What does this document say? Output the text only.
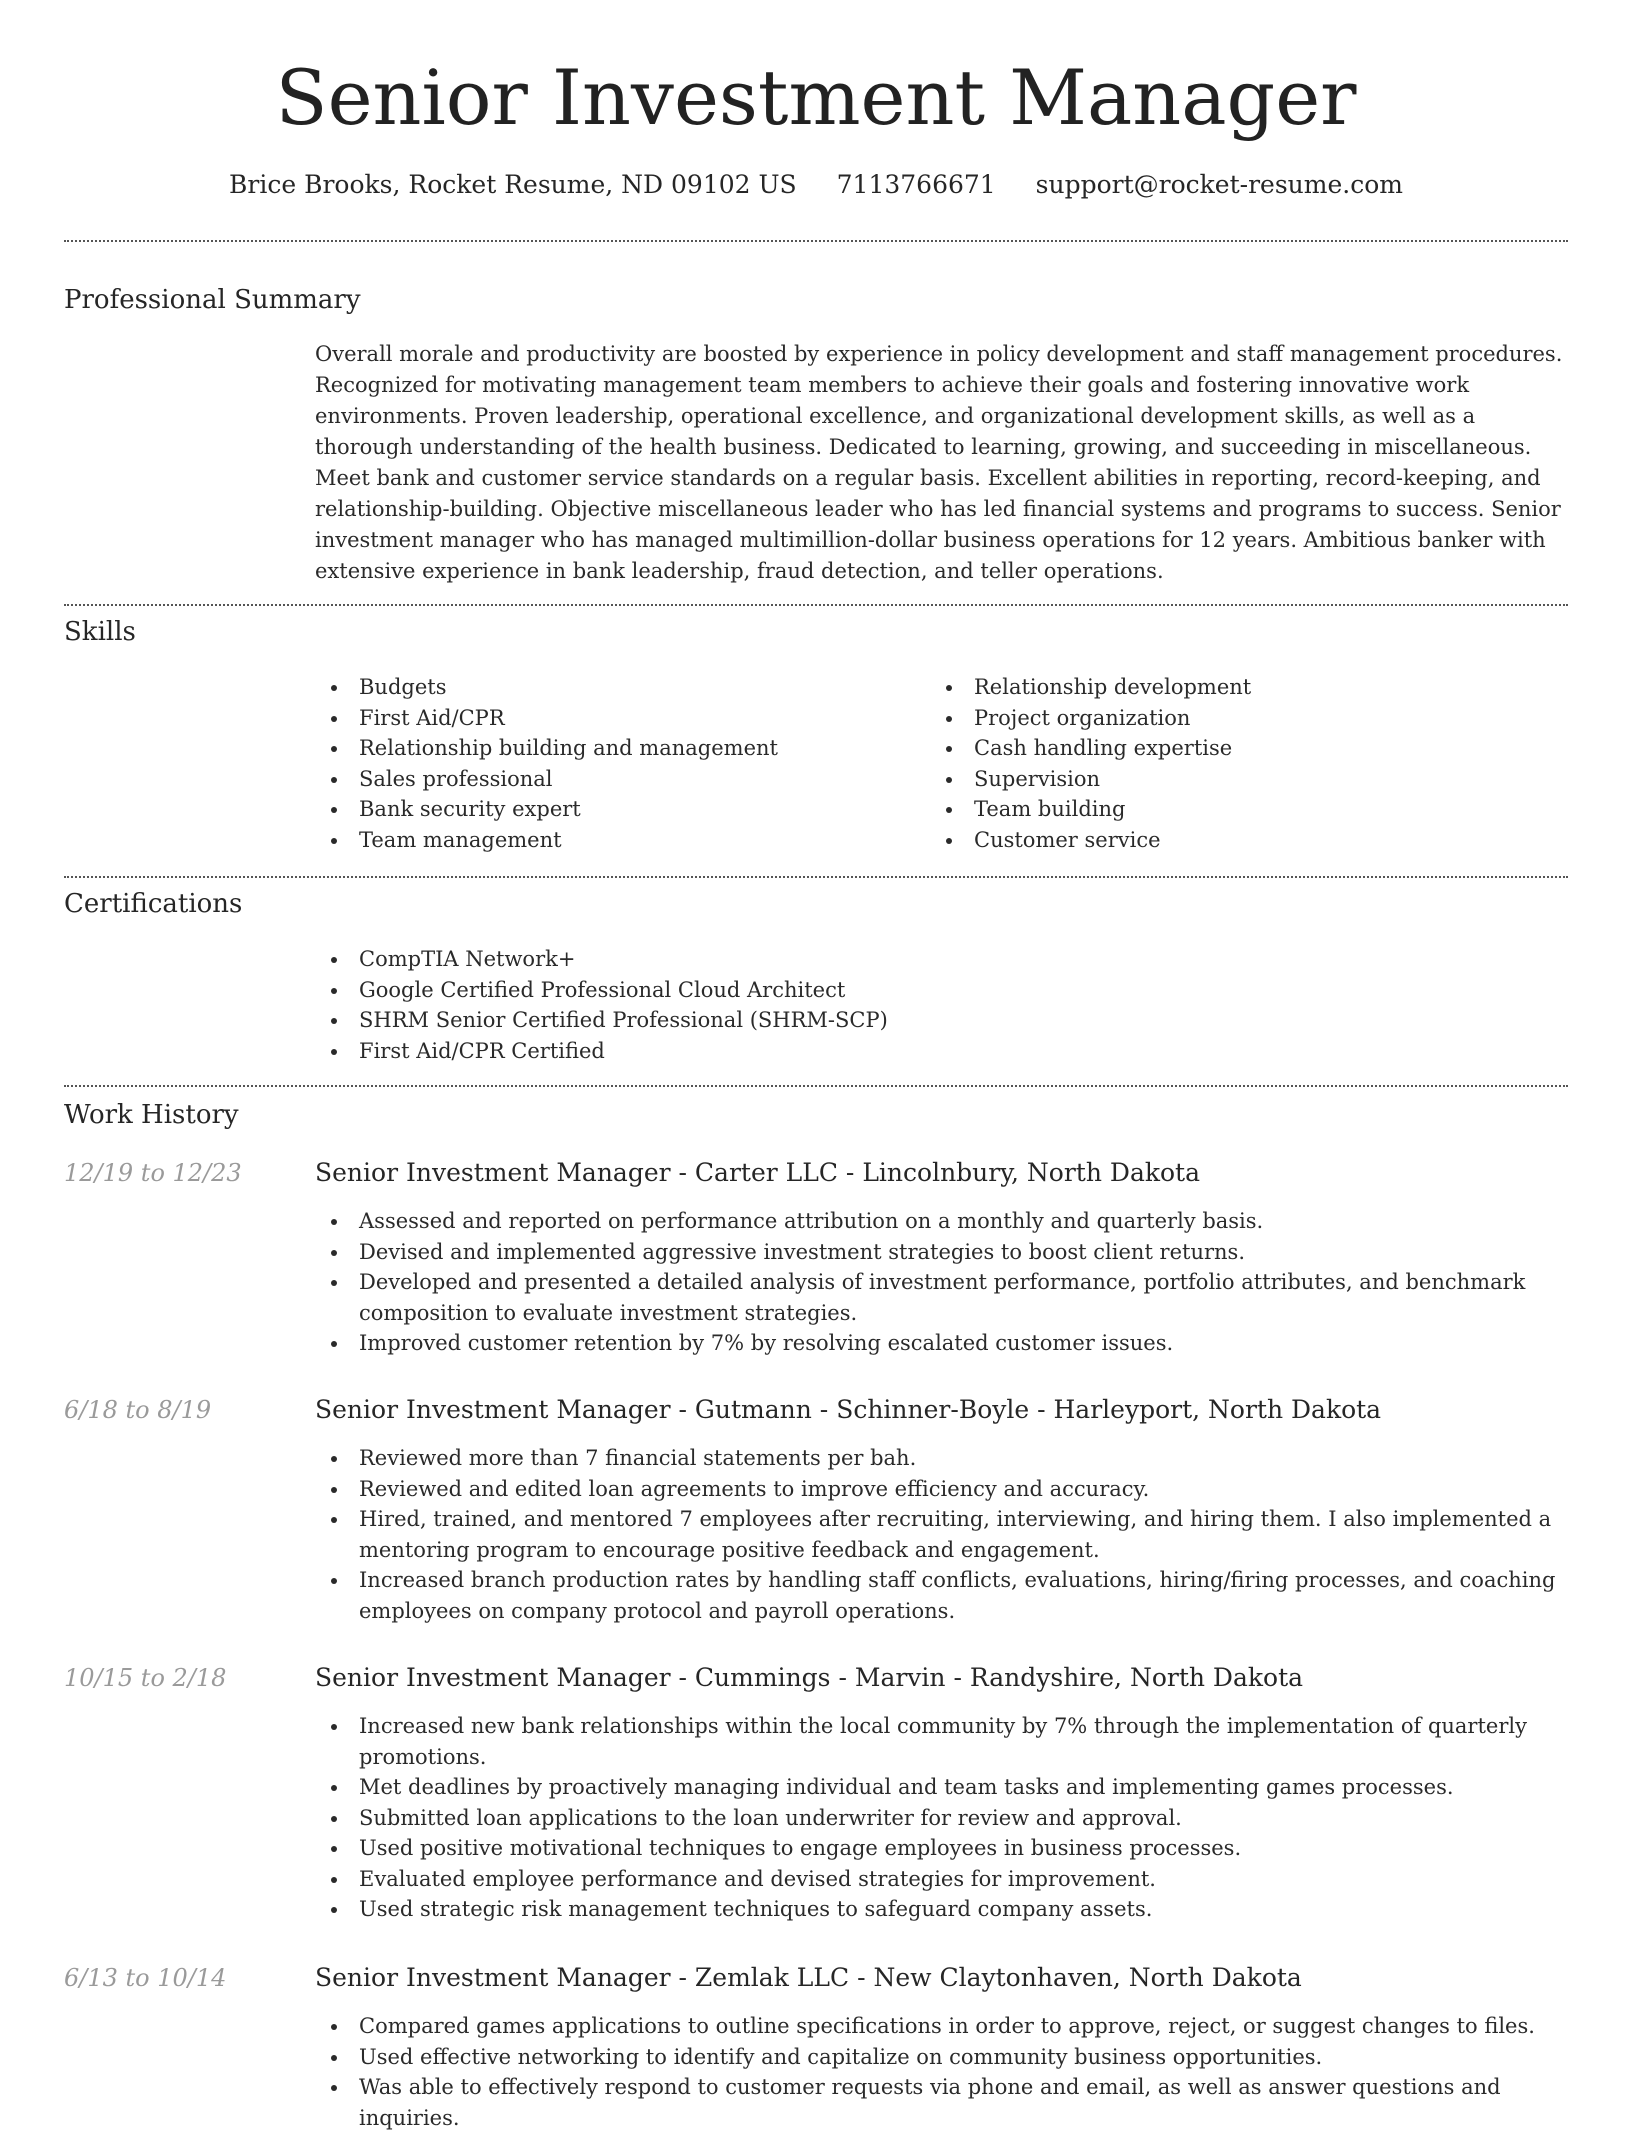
Senior Investment Manager
Brice Brooks, Rocket Resume, ND 09102 US 7113766671 support@rocket-resume.com
Professional Summary

Overall morale and productivity are boosted by experience in policy development and staff management procedures. Recognized for motivating management team members to achieve their goals and fostering innovative work environments. Proven leadership, operational excellence, and organizational development skills, as well as a thorough understanding of the health business. Dedicated to learning, growing, and succeeding in miscellaneous. Meet bank and customer service standards on a regular basis. Excellent abilities in reporting, record-keeping, and relationship-building. Objective miscellaneous leader who has led financial systems and programs to success. Senior investment manager who has managed multimillion-dollar business operations for 12 years. Ambitious banker with extensive experience in bank leadership, fraud detection, and teller operations.

Skills
Budgets
First Aid/CPR
Relationship building and management
Sales professional
Bank security expert
Team management
Relationship development
Project organization
Cash handling expertise
Supervision
Team building
Customer service
Certifications
CompTIA Network+
Google Certified Professional Cloud Architect
SHRM Senior Certified Professional (SHRM-SCP)
First Aid/CPR Certified
Work History
12/19 to 12/23	Senior Investment Manager - Carter LLC - Lincolnbury, North Dakota
Assessed and reported on performance attribution on a monthly and quarterly basis.
Devised and implemented aggressive investment strategies to boost client returns.
Developed and presented a detailed analysis of investment performance, portfolio attributes, and benchmark composition to evaluate investment strategies.
Improved customer retention by 7% by resolving escalated customer issues.
6/18 to 8/19	Senior Investment Manager - Gutmann - Schinner-Boyle - Harleyport, North Dakota
Reviewed more than 7 financial statements per bah.
Reviewed and edited loan agreements to improve efficiency and accuracy.
Hired, trained, and mentored 7 employees after recruiting, interviewing, and hiring them. I also implemented a mentoring program to encourage positive feedback and engagement.
Increased branch production rates by handling staff conflicts, evaluations, hiring/firing processes, and coaching employees on company protocol and payroll operations.
10/15 to 2/18	Senior Investment Manager - Cummings - Marvin - Randyshire, North Dakota
Increased new bank relationships within the local community by 7% through the implementation of quarterly promotions.
Met deadlines by proactively managing individual and team tasks and implementing games processes.
Submitted loan applications to the loan underwriter for review and approval.
Used positive motivational techniques to engage employees in business processes.
Evaluated employee performance and devised strategies for improvement.
Used strategic risk management techniques to safeguard company assets.
6/13 to 10/14	Senior Investment Manager - Zemlak LLC - New Claytonhaven, North Dakota
Compared games applications to outline specifications in order to approve, reject, or suggest changes to files.
Used effective networking to identify and capitalize on community business opportunities.
Was able to effectively respond to customer requests via phone and email, as well as answer questions and inquiries.
